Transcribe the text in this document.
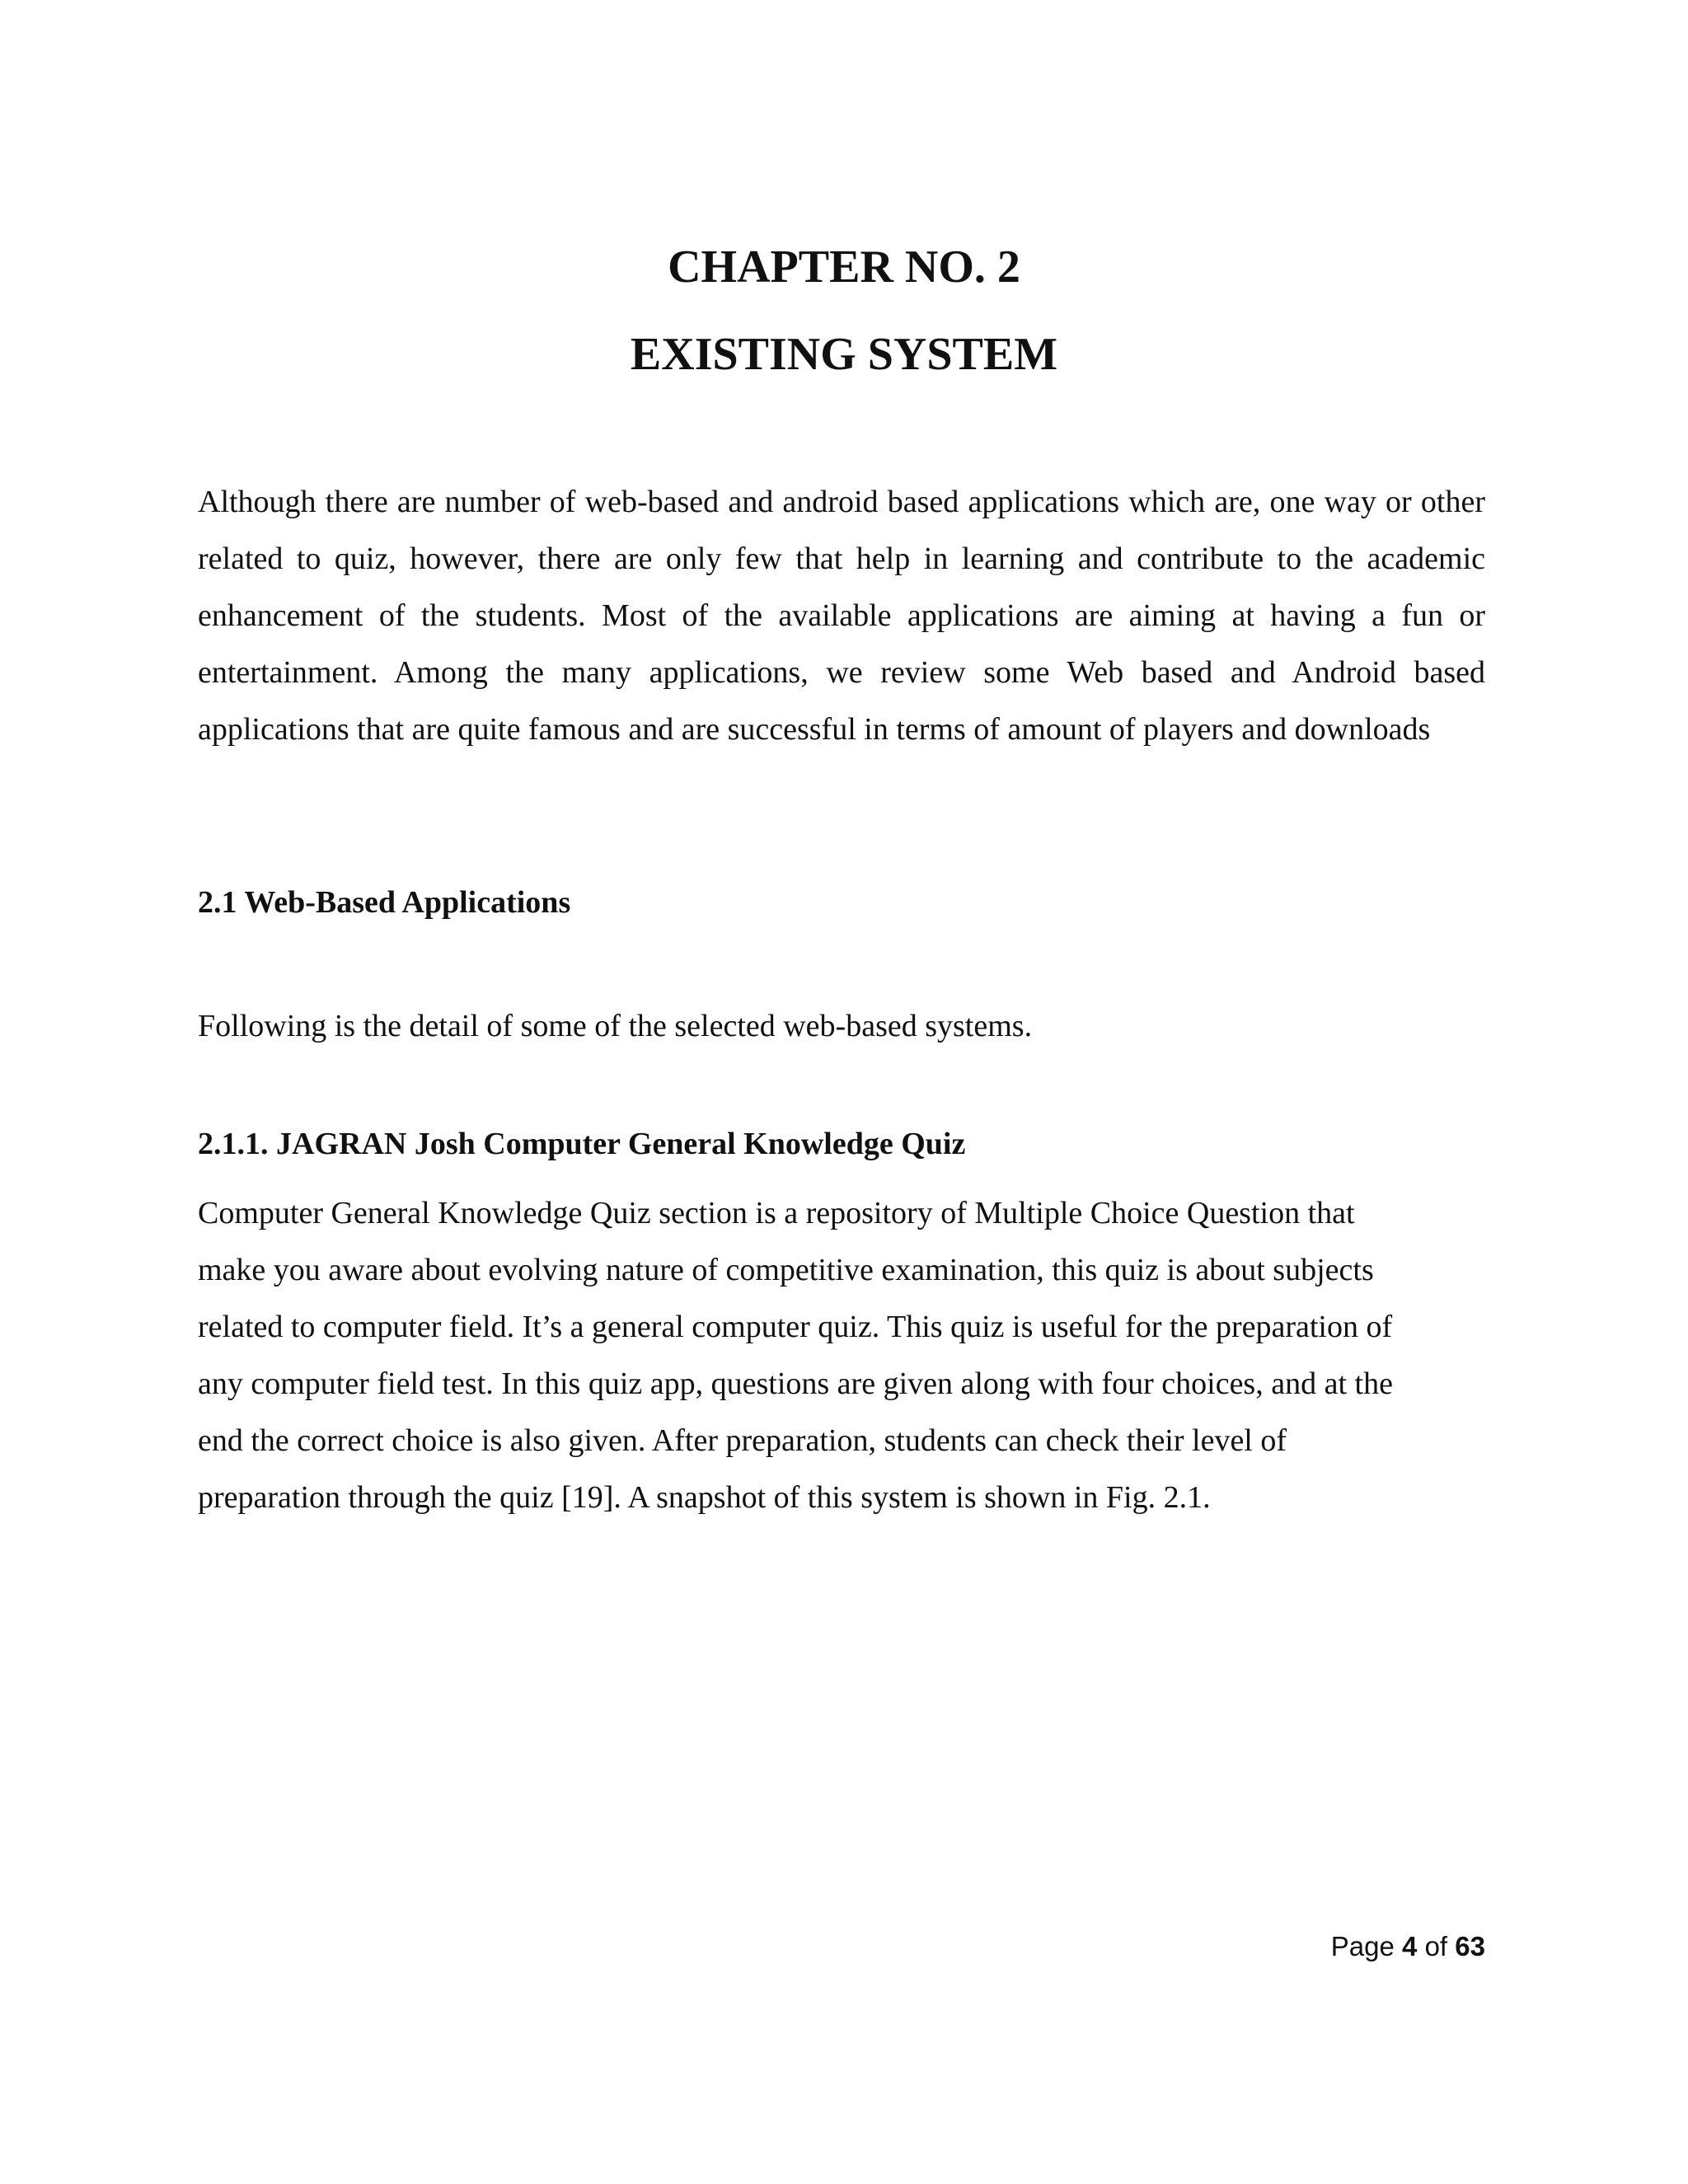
CHAPTER NO. 2
EXISTING SYSTEM

Although there are number of web-based and android based applications which are, one way or other related to quiz, however, there are only few that help in learning and contribute to the academic enhancement of the students. Most of the available applications are aiming at having a fun or entertainment. Among the many applications, we review some Web based and Android based applications that are quite famous and are successful in terms of amount of players and downloads

2.1 Web-Based Applications

Following is the detail of some of the selected web-based systems.

2.1.1. JAGRAN Josh Computer General Knowledge Quiz

Computer General Knowledge Quiz section is a repository of Multiple Choice Question that
make you aware about evolving nature of competitive examination, this quiz is about subjects
related to computer field. It’s a general computer quiz. This quiz is useful for the preparation of
any computer field test. In this quiz app, questions are given along with four choices, and at the
end the correct choice is also given. After preparation, students can check their level of
preparation through the quiz [19]. A snapshot of this system is shown in Fig. 2.1.

Page 4 of 63
